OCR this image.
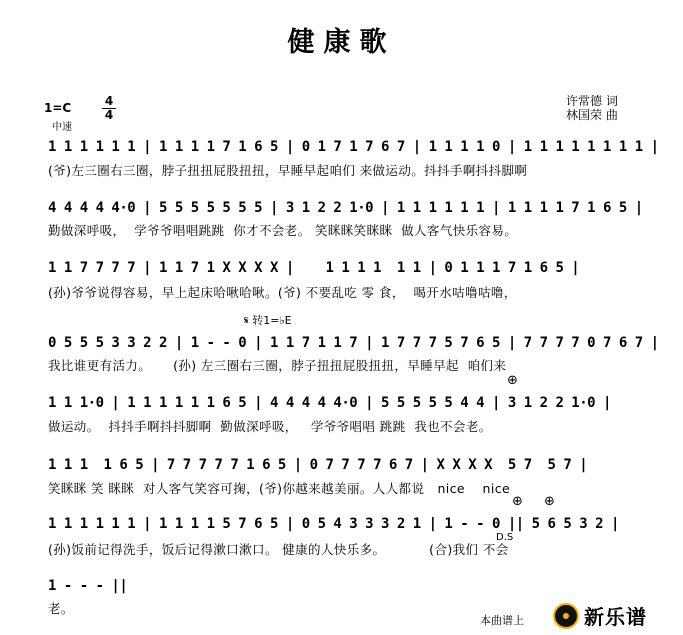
健康歌
1=C
中速
4
4
许常德 词
林国荣 曲
1 1 1 1 1 1 | 1 1 1 1 7 1 6 5 | 0 1 7 1 7 6 7 | 1 1 1 1 0 | 1 1 1 1 1 1 1 1 |
(爷)左三圈右三圈，脖子扭扭屁股扭扭，早睡早起咱们 来做运动。抖抖手啊抖抖脚啊
4 4 4 4 4·0 | 5 5 5 5 5 5 5 | 3 1 2 2 1·0 | 1 1 1 1 1 1 | 1 1 1 1 7 1 6 5 |
勤做深呼吸，  学爷爷唱唱跳跳  你才不会老。 笑眯眯笑眯眯  做人客气快乐容易。
1 1 7 7 7 7 | 1 1 7 1 X X X X |    1 1 1 1  1 1 | 0 1 1 1 7 1 6 5 |
(孙)爷爷说得容易，早上起床哈啾哈啾。(爷) 不要乱吃 零 食，  喝开水咕噜咕噜，
𝄋 转1=♭E
0 5 5 5 3 3 2 2 | 1 - - 0 | 1 1 7 1 1 7 | 1 7 7 7 5 7 6 5 | 7 7 7 7 0 7 6 7 |
我比谁更有活力。     (孙) 左三圈右三圈，脖子扭扭屁股扭扭，早睡早起  咱们来
⊕
1 1 1·0 | 1 1 1 1 1 1 6 5 | 4 4 4 4 4·0 | 5 5 5 5 5 4 4 | 3 1 2 2 1·0 |
做运动。  抖抖手啊抖抖脚啊  勤做深呼吸，   学爷爷唱唱 跳跳  我也不会老。
1 1 1  1 6 5 | 7 7 7 7 7 1 6 5 | 0 7 7 7 7 6 7 | X X X X  5 7  5 7 |
笑眯眯 笑 眯眯  对人客气笑容可掬，(爷)你越来越美丽。人人都说   nice    nice
⊕ ⊕
1 1 1 1 1 1 | 1 1 1 1 5 7 6 5 | 0 5 4 3 3 3 2 1 | 1 - - 0 || 5 6 5 3 2 |
D.S
(孙)饭前记得洗手，饭后记得漱口漱口。 健康的人快乐多。          (合)我们 不会
1 - - - ||
老。
本曲谱上	新乐谱
